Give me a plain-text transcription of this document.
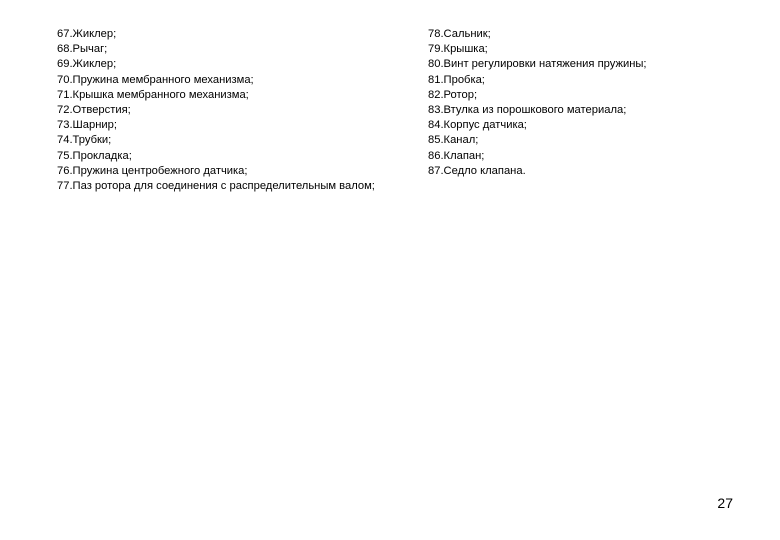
67.Жиклер;
68.Рычаг;
69.Жиклер;
70.Пружина мембранного механизма;
71.Крышка мембранного механизма;
72.Отверстия;
73.Шарнир;
74.Трубки;
75.Прокладка;
76.Пружина центробежного датчика;
77.Паз ротора для соединения с распределительным валом;
78.Сальник;
79.Крышка;
80.Винт регулировки натяжения пружины;
81.Пробка;
82.Ротор;
83.Втулка из порошкового материала;
84.Корпус датчика;
85.Канал;
86.Клапан;
87.Седло клапана.
27
